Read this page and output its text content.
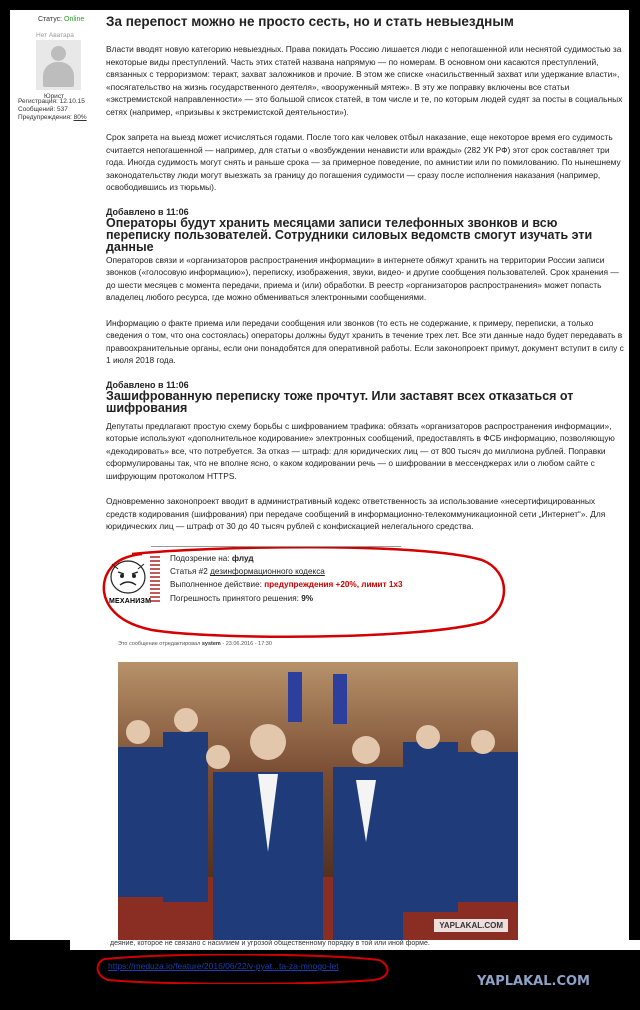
Статус: Online
Нет Аватара
Юрист
Регистрация: 12.10.15
Сообщений: 537
Предупреждения: 80%
За перепост можно не просто сесть, но и стать невыездным

Власти вводят новую категорию невыездных. Права покидать Россию лишается люди с непогашенной или неснятой судимостью за некоторые виды преступлений. Часть этих статей названа напрямую — по номерам. В основном они касаются преступлений, связанных с терроризмом: теракт, захват заложников и прочие. В этом же списке «насильственный захват или удержание власти», «посягательство на жизнь государственного деятеля», «вооруженный мятеж». В эту же поправку включены все статьи «экстремистской направленности» — это большой список статей, в том числе и те, по которым людей судят за посты в социальных сетях (например, «призывы к экстремистской деятельности»).

Срок запрета на выезд может исчисляться годами. После того как человек отбыл наказание, еще некоторое время его судимость считается непогашенной — например, для статьи о «возбуждении ненависти или вражды» (282 УК РФ) этот срок составляет три года. Иногда судимость могут снять и раньше срока — за примерное поведение, по амнистии или по помилованию. По нынешнему законодательству люди могут выезжать за границу до погашения судимости — сразу после исполнения наказания (например, освободившись из тюрьмы).

Добавлено в 11:06

Операторы будут хранить месяцами записи телефонных звонков и всю переписку пользователей. Сотрудники силовых ведомств смогут изучать эти данные

Операторов связи и «организаторов распространения информации» в интернете обяжут хранить на территории России записи звонков («голосовую информацию»), переписку, изображения, звуки, видео- и другие сообщения пользователей. Срок хранения — до шести месяцев с момента передачи, приема и (или) обработки. В реестр «организаторов распространения» может попасть владелец любого ресурса, где можно обмениваться электронными сообщениями.

Информацию о факте приема или передачи сообщения или звонков (то есть не содержание, к примеру, переписки, а только сведения о том, что она состоялась) операторы должны будут хранить в течение трех лет. Все эти данные надо будет передавать в правоохранительные органы, если они понадобятся для оперативной работы. Если законопроект примут, документ вступит в силу с 1 июля 2018 года.

Добавлено в 11:06

Зашифрованную переписку тоже прочтут. Или заставят всех отказаться от шифрования

Депутаты предлагают простую схему борьбы с шифрованием трафика: обязать «организаторов распространения информации», которые используют «дополнительное кодирование» электронных сообщений, предоставлять в ФСБ информацию, позволяющую «декодировать» все, что потребуется. За отказ — штраф: для юридических лиц — от 800 тысяч до миллиона рублей. Поправки сформулированы так, что не вполне ясно, о каком кодировании речь — о шифровании в мессенджерах или о любом сайте с шифрующим протоколом HTTPS.

Одновременно законопроект вводит в административный кодекс ответственность за использование «несертифицированных средств кодирования (шифрования) при передаче сообщений в информационно-телекоммуникационной сети „Интернет“». Для юридических лиц — штраф от 30 до 40 тысяч рублей с конфискацией нелегального средства.

МЕХАНИЗМ
Подозрение на: флуд
Статья #2 дезинформационного кодекса
Выполненное действие: предупреждения +20%, лимит 1х3
Погрешность принятого решения: 9%
Это сообщение отредактировал system - 23.06.2016 - 17:30
YAPLAKAL.COM
деяние, которое не связано с насилием и угрозой общественному порядку в той или иной форме.
https://meduza.io/feature/2016/06/22/v-pyat...ta-za-mnogo-let
YAPLAKAL.COM
